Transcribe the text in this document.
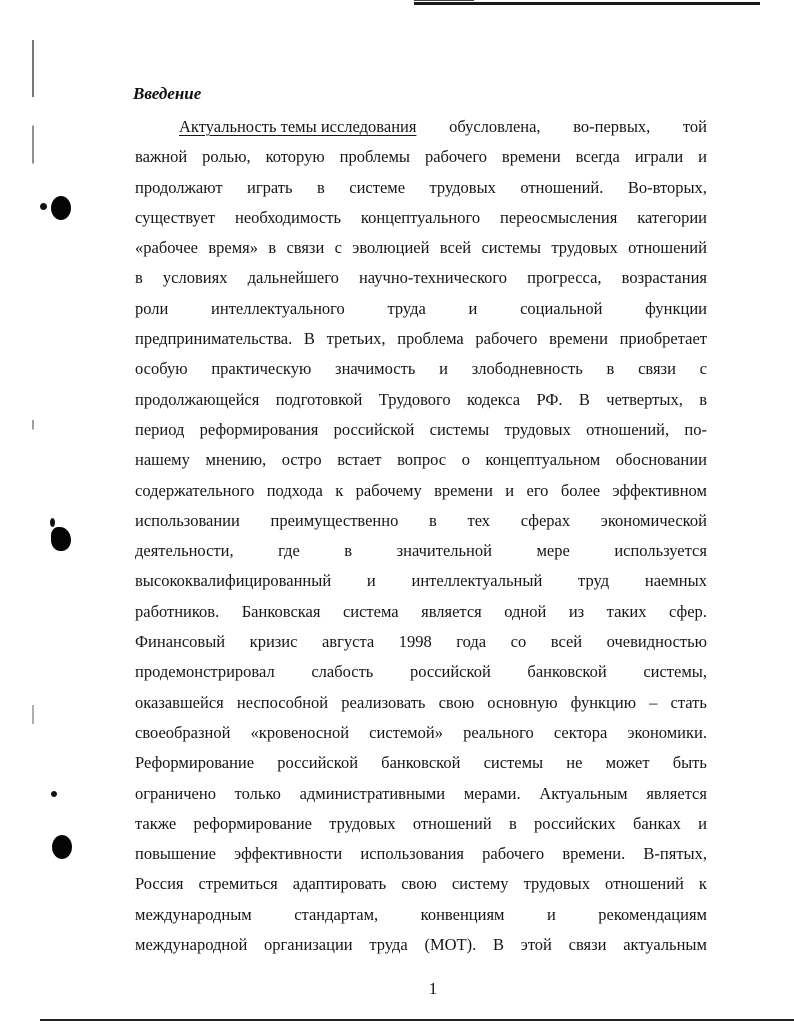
Введение
Актуальность темы исследования обусловлена, во-первых, той
важной ролью, которую проблемы рабочего времени всегда играли и
продолжают играть в системе трудовых отношений. Во-вторых,
существует необходимость концептуального переосмысления категории
«рабочее время» в связи с эволюцией всей системы трудовых отношений
в условиях дальнейшего научно-технического прогресса, возрастания
роли	интеллектуального	труда	и	социальной	функции
предпринимательства. В третьих, проблема рабочего времени приобретает
особую практическую значимость и злободневность в связи с
продолжающейся подготовкой Трудового кодекса РФ. В четвертых, в
период реформирования российской системы трудовых отношений, по-
нашему мнению, остро встает вопрос о концептуальном обосновании
содержательного подхода к рабочему времени и его более эффективном
использовании преимущественно в тех сферах экономической
деятельности,	где	в	значительной	мере	используется
высококвалифицированный и интеллектуальный труд наемных
работников. Банковская система является одной из таких сфер.
Финансовый кризис августа 1998 года со всей очевидностью
продемонстрировал слабость российской банковской системы,
оказавшейся неспособной реализовать свою основную функцию – стать
своеобразной «кровеносной системой» реального сектора экономики.
Реформирование российской банковской системы не может быть
ограничено только административными мерами. Актуальным является
также реформирование трудовых отношений в российских банках и
повышение эффективности использования рабочего времени. В-пятых,
Россия стремиться адаптировать свою систему трудовых отношений к
международным	стандартам,	конвенциям	и	рекомендациям
международной организации труда (МОТ). В этой связи актуальным
1
